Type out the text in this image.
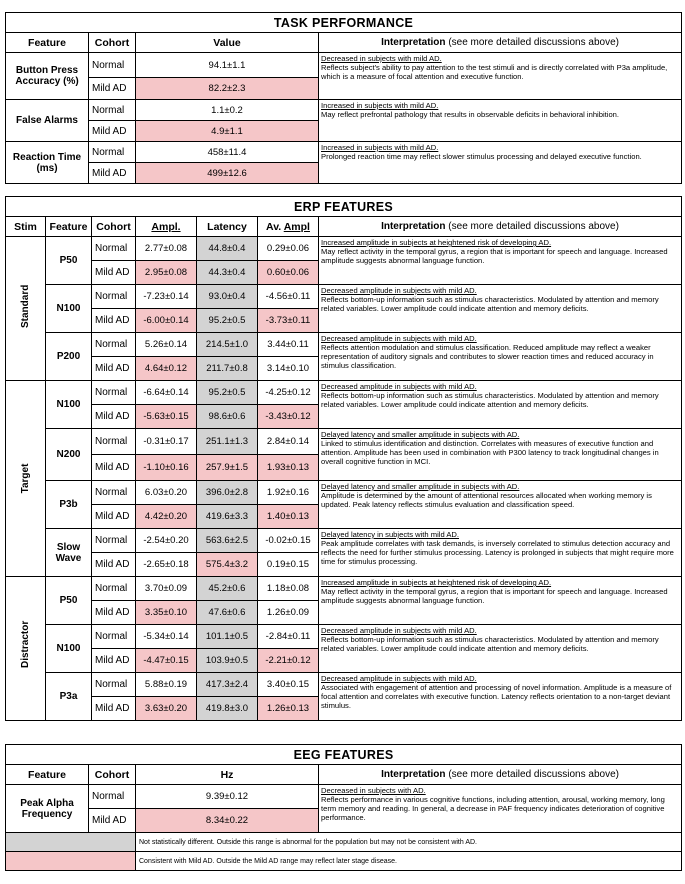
TASK PERFORMANCE			
Feature	Cohort	Value	Interpretation (see more detailed discussions above)
Button Press Accuracy (%)	Normal	94.1±1.1	Decreased in subjects with mild AD.
Reflects subject's ability to pay attention to the test stimuli and is directly correlated with P3a amplitude, which is a measure of focal attention and executive function.
	Mild AD	82.2±2.3	
False Alarms	Normal	1.1±0.2	Increased in subjects with mild AD.
May reflect prefrontal pathology that results in observable deficits in behavioral inhibition.
	Mild AD	4.9±1.1	
Reaction Time (ms)	Normal	458±11.4	Increased in subjects with mild AD.
Prolonged reaction time may reflect slower stimulus processing and delayed executive function.
	Mild AD	499±12.6	
ERP FEATURES						
Stim	Feature	Cohort	Ampl.	Latency	Av. Ampl	Interpretation (see more detailed discussions above)

Standard	P50	Normal	2.77±0.08	44.8±0.4	0.29±0.06	Increased amplitude in subjects at heightened risk of developing AD.
May reflect activity in the temporal gyrus, a region that is important for speech and language. Increased amplitude suggests abnormal language function.
		Mild AD	2.95±0.08	44.3±0.4	0.60±0.06	
	N100	Normal	-7.23±0.14	93.0±0.4	-4.56±0.11	Decreased amplitude in subjects with mild AD.
Reflects bottom-up information such as stimulus characteristics. Modulated by attention and memory related variables. Lower amplitude could indicate attention and memory deficits.
		Mild AD	-6.00±0.14	95.2±0.5	-3.73±0.11	
	P200	Normal	5.26±0.14	214.5±1.0	3.44±0.11	Decreased amplitude in subjects with mild AD.
Reflects attention modulation and stimulus classification. Reduced amplitude may reflect a weaker representation of auditory signals and contributes to slower reaction times and reduced accuracy in stimulus classification.
		Mild AD	4.64±0.12	211.7±0.8	3.14±0.10	

Target	N100	Normal	-6.64±0.14	95.2±0.5	-4.25±0.12	Decreased amplitude in subjects with mild AD.
Reflects bottom-up information such as stimulus characteristics. Modulated by attention and memory related variables. Lower amplitude could indicate attention and memory deficits.
		Mild AD	-5.63±0.15	98.6±0.6	-3.43±0.12	
	N200	Normal	-0.31±0.17	251.1±1.3	2.84±0.14	Delayed latency and smaller amplitude in subjects with AD.
Linked to stimulus identification and distinction. Correlates with measures of executive function and attention. Amplitude has been used in combination with P300 latency to track longitudinal changes in overall cognitive function in MCI.
		Mild AD	-1.10±0.16	257.9±1.5	1.93±0.13	
	P3b	Normal	6.03±0.20	396.0±2.8	1.92±0.16	Delayed latency and smaller amplitude in subjects with AD.
Amplitude is determined by the amount of attentional resources allocated when working memory is updated. Peak latency reflects stimulus evaluation and classification speed.
		Mild AD	4.42±0.20	419.6±3.3	1.40±0.13	
	Slow Wave	Normal	-2.54±0.20	563.6±2.5	-0.02±0.15	Delayed latency in subjects with mild AD.
Peak amplitude correlates with task demands, is inversely correlated to stimulus detection accuracy and reflects the need for further stimulus processing. Latency is prolonged in subjects that might require more time for stimulus processing.
		Mild AD	-2.65±0.18	575.4±3.2	0.19±0.15	

Distractor	P50	Normal	3.70±0.09	45.2±0.6	1.18±0.08	Increased amplitude in subjects at heightened risk of developing AD.
May reflect activity in the temporal gyrus, a region that is important for speech and language. Increased amplitude suggests abnormal language function.
		Mild AD	3.35±0.10	47.6±0.6	1.26±0.09	
	N100	Normal	-5.34±0.14	101.1±0.5	-2.84±0.11	Decreased amplitude in subjects with mild AD.
Reflects bottom-up information such as stimulus characteristics. Modulated by attention and memory related variables. Lower amplitude could indicate attention and memory deficits.
		Mild AD	-4.47±0.15	103.9±0.5	-2.21±0.12	
	P3a	Normal	5.88±0.19	417.3±2.4	3.40±0.15	Decreased amplitude in subjects with mild AD.
Associated with engagement of attention and processing of novel information. Amplitude is a measure of focal attention and correlates with executive function. Latency reflects orientation to a non-target deviant stimulus.
		Mild AD	3.63±0.20	419.8±3.0	1.26±0.13	
EEG FEATURES			
Feature	Cohort	Hz	Interpretation (see more detailed discussions above)
Peak Alpha Frequency	Normal	9.39±0.12	Decreased in subjects with AD.
Reflects performance in various cognitive functions, including attention, arousal, working memory, long term memory and reading. In general, a decrease in PAF frequency indicates deterioration of cognitive performance.
	Mild AD	8.34±0.22	
		Not statistically different. Outside this range is abnormal for the population but may not be consistent with AD.	
		Consistent with Mild AD. Outside the Mild AD range may reflect later stage disease.	
